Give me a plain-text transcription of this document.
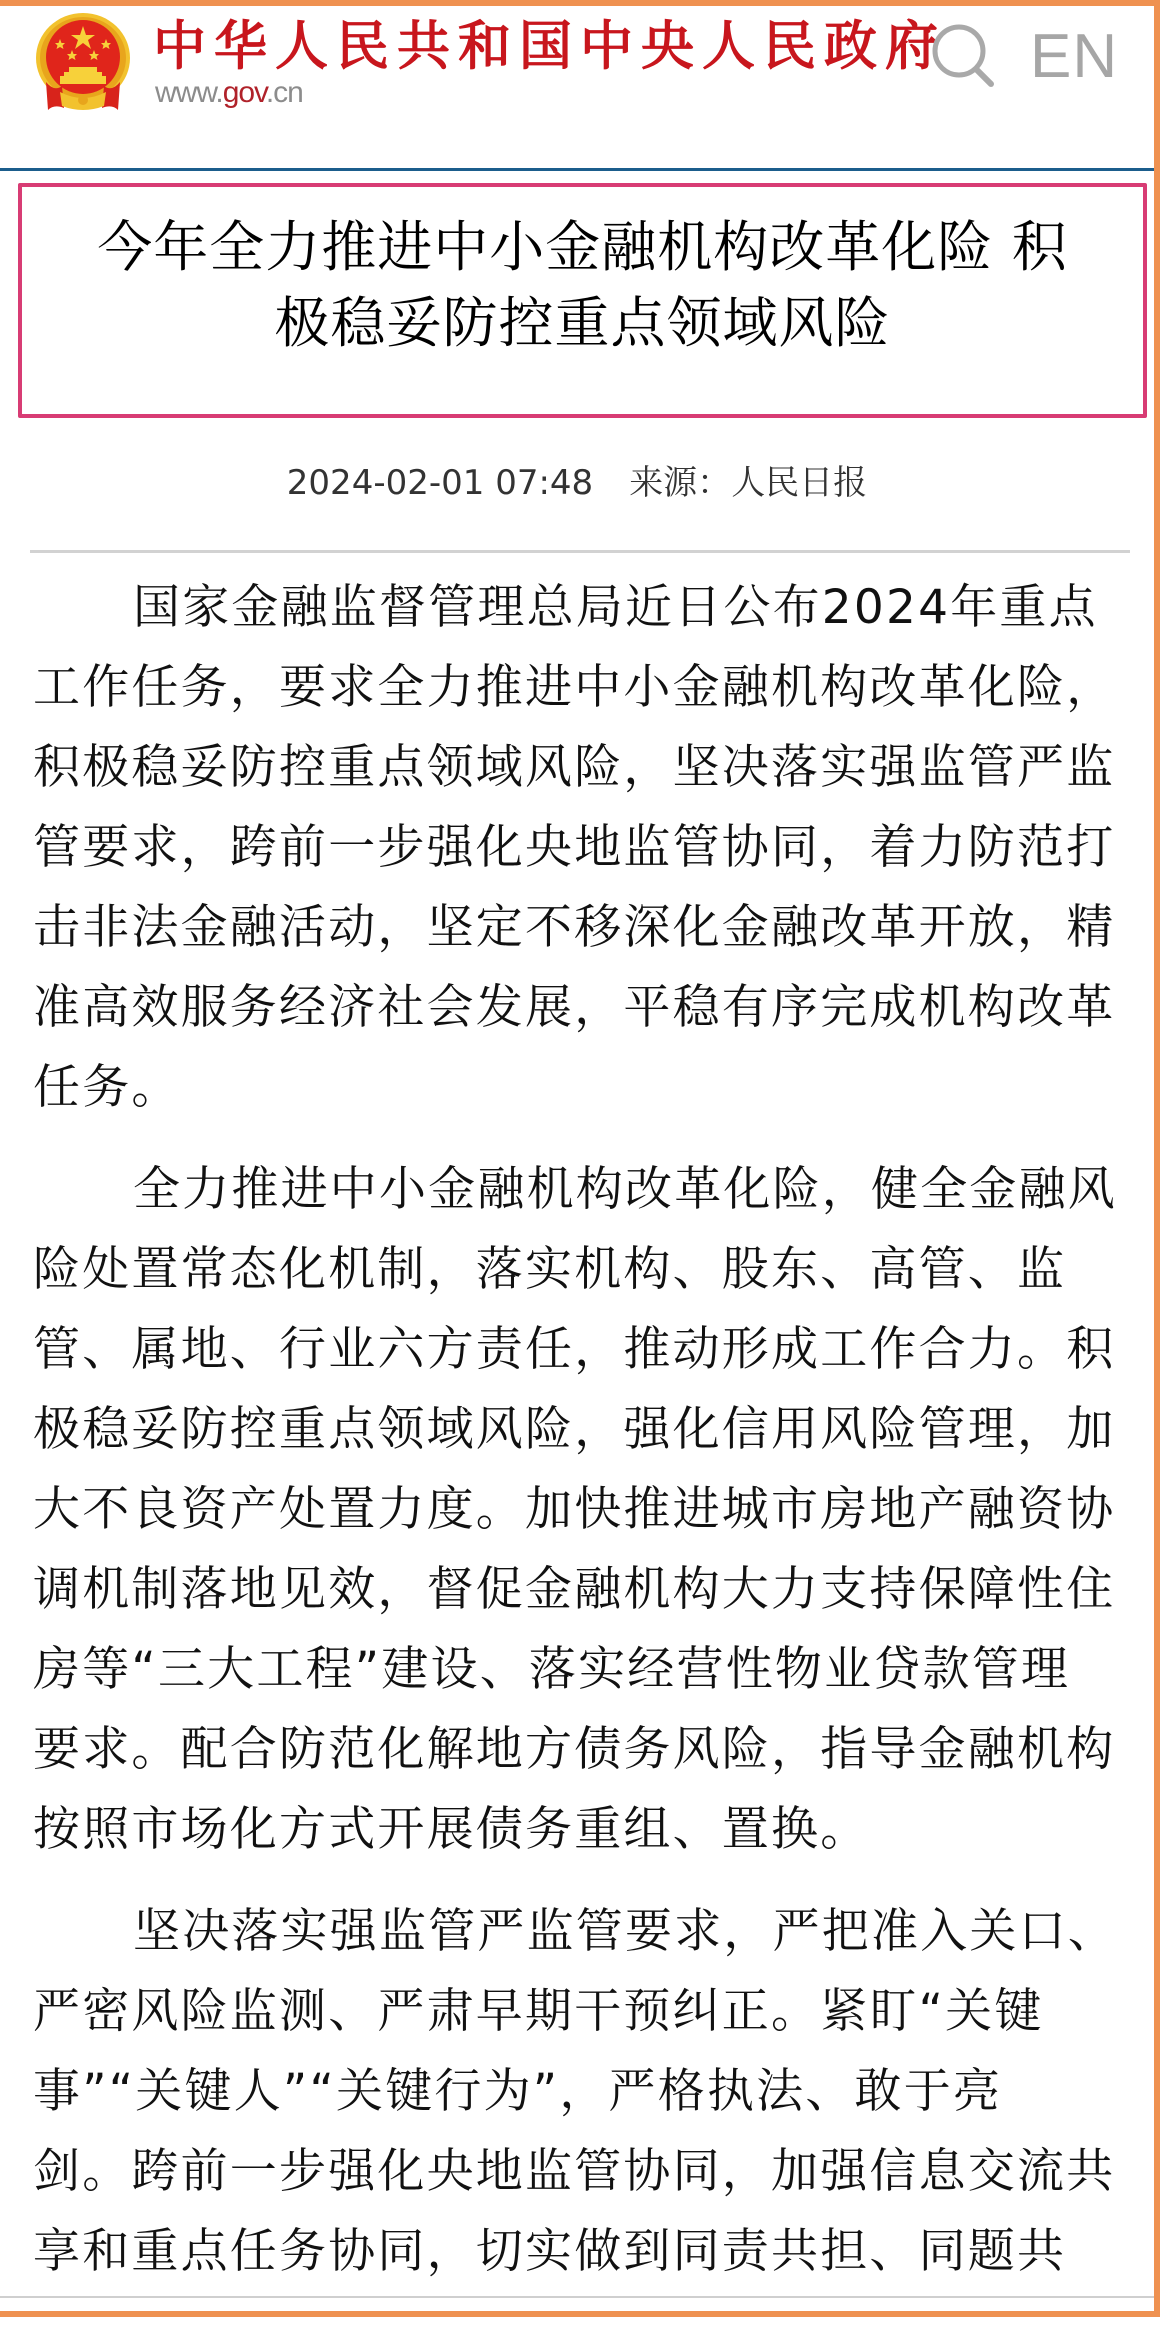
中华人民共和国中央人民政府
www.gov.cn
EN
今年全力推进中小金融机构改革化险 积
极稳妥防控重点领域风险
2024-02-01 07:48 来源：人民日报

国家金融监督管理总局近日公布2024年重点
工作任务，要求全力推进中小金融机构改革化险，
积极稳妥防控重点领域风险，坚决落实强监管严监
管要求，跨前一步强化央地监管协同，着力防范打
击非法金融活动，坚定不移深化金融改革开放，精
准高效服务经济社会发展，平稳有序完成机构改革
任务。

全力推进中小金融机构改革化险，健全金融风
险处置常态化机制，落实机构、股东、高管、监
管、属地、行业六方责任，推动形成工作合力。积
极稳妥防控重点领域风险，强化信用风险管理，加
大不良资产处置力度。加快推进城市房地产融资协
调机制落地见效，督促金融机构大力支持保障性住
房等“三大工程”建设、落实经营性物业贷款管理
要求。配合防范化解地方债务风险，指导金融机构
按照市场化方式开展债务重组、置换。

坚决落实强监管严监管要求，严把准入关口、
严密风险监测、严肃早期干预纠正。紧盯“关键
事”“关键人”“关键行为”，严格执法、敢于亮
剑。跨前一步强化央地监管协同，加强信息交流共
享和重点任务协同，切实做到同责共担、同题共
